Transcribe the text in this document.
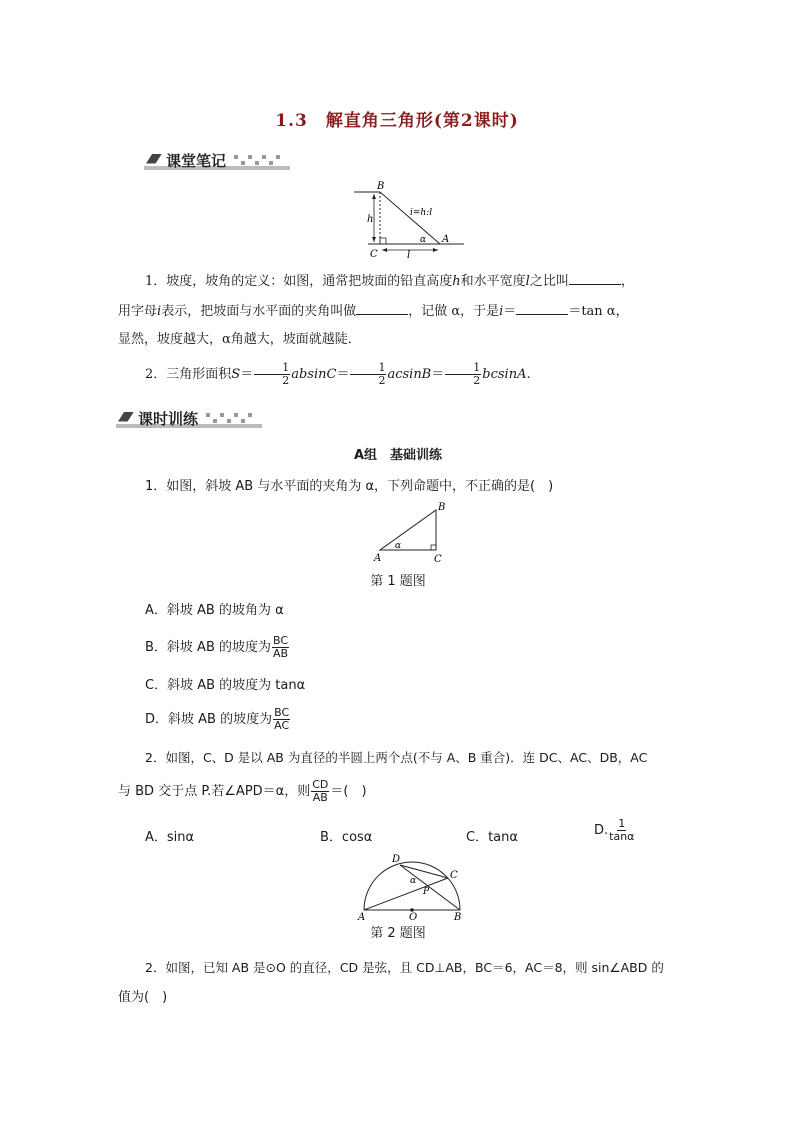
1.3　解直角三角形(第2课时)
课堂笔记
B
h
i=h:l
C	l
α A
1．坡度，坡角的定义：如图，通常把坡面的铅直高度h和水平宽度l之比叫	，
用字母i表示，把坡面与水平面的夹角叫做	，记做 α，于是i＝	＝tan α，
显然，坡度越大，α角越大，坡面就越陡．
2．三角形面积$S= \frac{1}{2} absinC= \frac{1}{2} acsinB= \frac{1}{2} bcsinA$.
课时训练
A组　基础训练
1．如图，斜坡 AB 与水平面的夹角为 α，下列命题中，不正确的是(　)
B
A	C
α
第 1 题图
A．斜坡 AB 的坡角为 α
B．斜坡 AB 的坡度为 $\frac{BC}{AB}$
C．斜坡 AB 的坡度为 tanα
D．斜坡 AB 的坡度为 $\frac{BC}{AC}$
2．如图，C、D 是以 AB 为直径的半圆上两个点(不与 A、B 重合)．连 DC、AC、DB，AC
与 BD 交于点 P.若∠APD＝α，则 $\frac{CD}{AB}$ ＝(　)
A．sinα	B．cosα	C．tanα	D. $\frac{1}{\tan\alpha}$
D
C
α
P
A	O	B
第 2 题图
2．如图，已知 AB 是⊙O 的直径，CD 是弦，且 CD⊥AB，BC＝6，AC＝8，则 sin∠ABD 的
值为(　)
